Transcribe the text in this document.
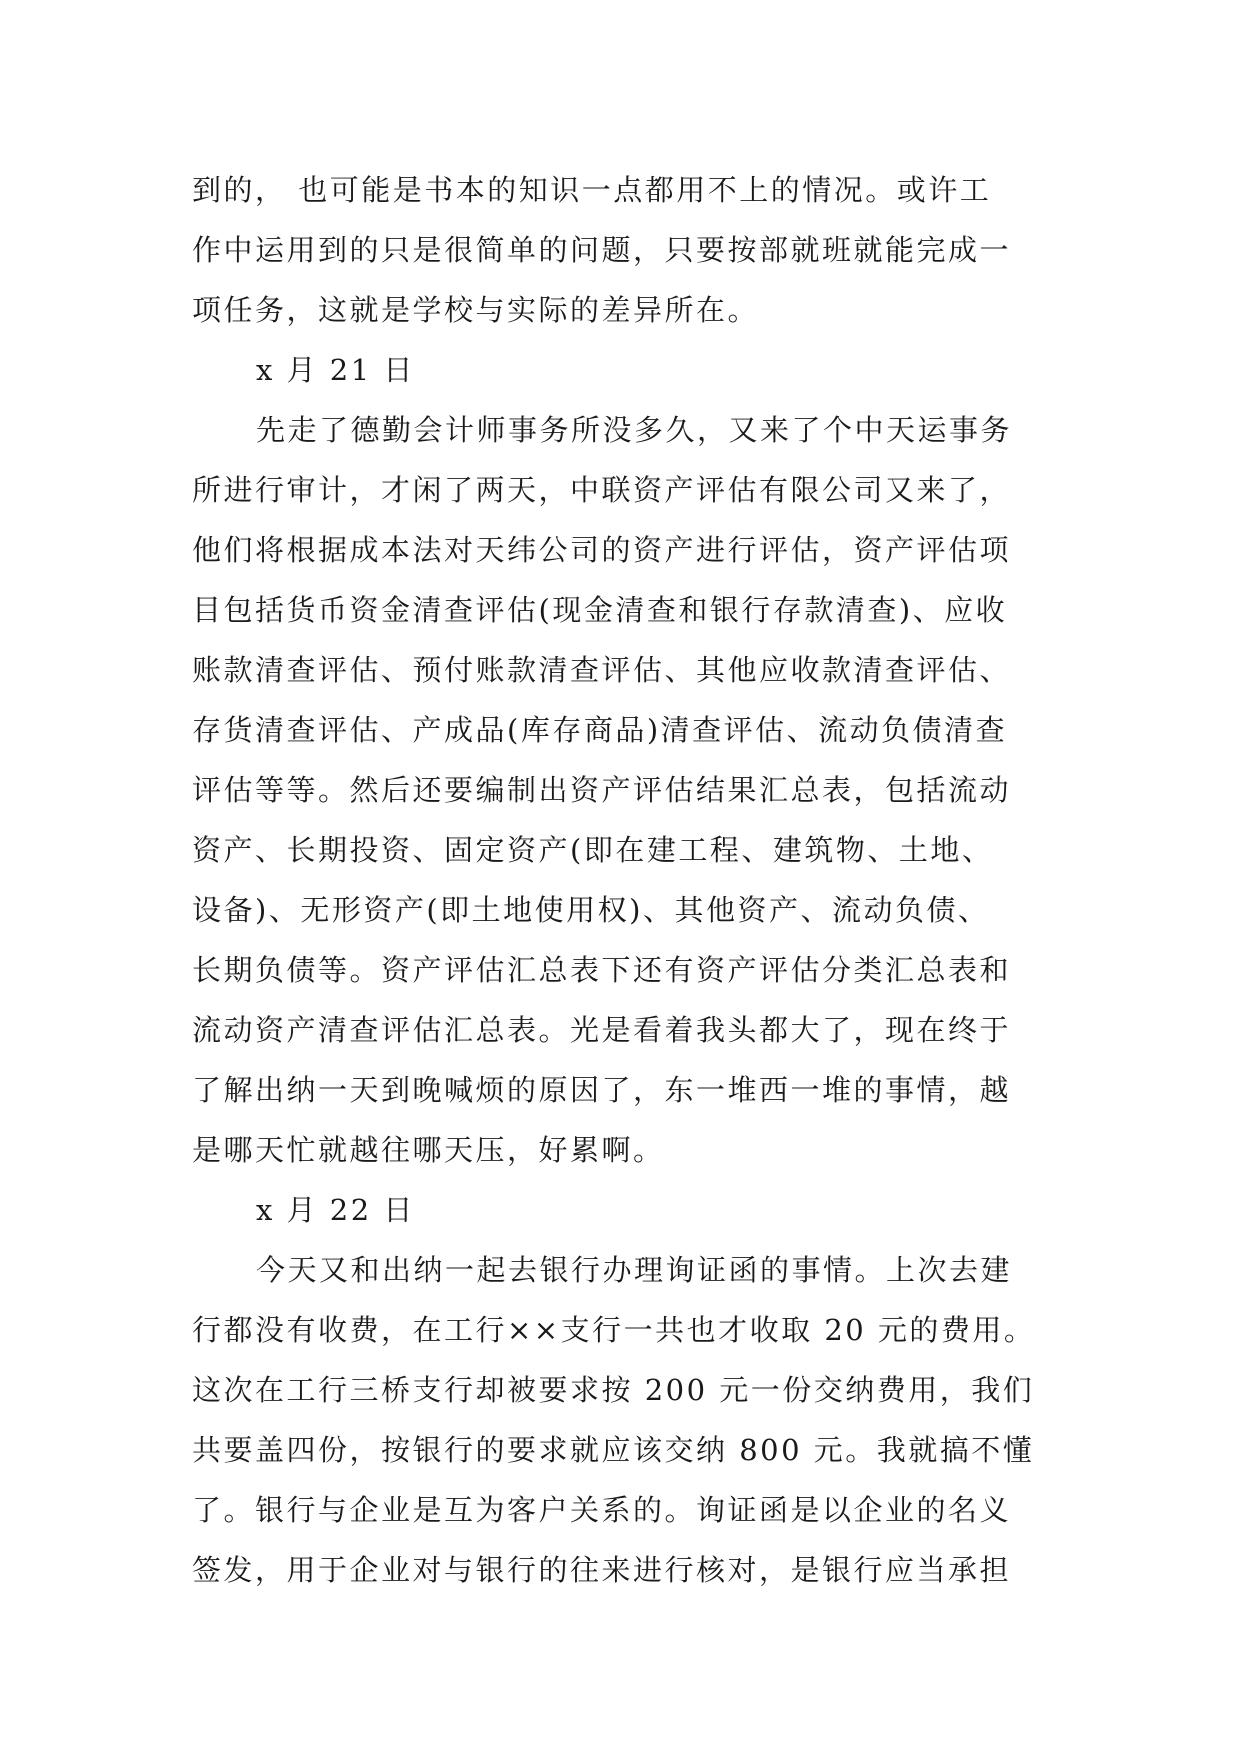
到的， 也可能是书本的知识一点都用不上的情况。或许工
作中运用到的只是很简单的问题，只要按部就班就能完成一
项任务，这就是学校与实际的差异所在。
x 月 21 日
先走了德勤会计师事务所没多久，又来了个中天运事务
所进行审计，才闲了两天，中联资产评估有限公司又来了，
他们将根据成本法对天纬公司的资产进行评估，资产评估项
目包括货币资金清查评估(现金清查和银行存款清查)、应收
账款清查评估、预付账款清查评估、其他应收款清查评估、
存货清查评估、产成品(库存商品)清查评估、流动负债清查
评估等等。然后还要编制出资产评估结果汇总表，包括流动
资产、长期投资、固定资产(即在建工程、建筑物、土地、
设备)、无形资产(即土地使用权)、其他资产、流动负债、
长期负债等。资产评估汇总表下还有资产评估分类汇总表和
流动资产清查评估汇总表。光是看着我头都大了，现在终于
了解出纳一天到晚喊烦的原因了，东一堆西一堆的事情，越
是哪天忙就越往哪天压，好累啊。
x 月 22 日
今天又和出纳一起去银行办理询证函的事情。上次去建
行都没有收费，在工行××支行一共也才收取 20 元的费用。
这次在工行三桥支行却被要求按 200 元一份交纳费用，我们
共要盖四份，按银行的要求就应该交纳 800 元。我就搞不懂
了。银行与企业是互为客户关系的。询证函是以企业的名义
签发，用于企业对与银行的往来进行核对，是银行应当承担
